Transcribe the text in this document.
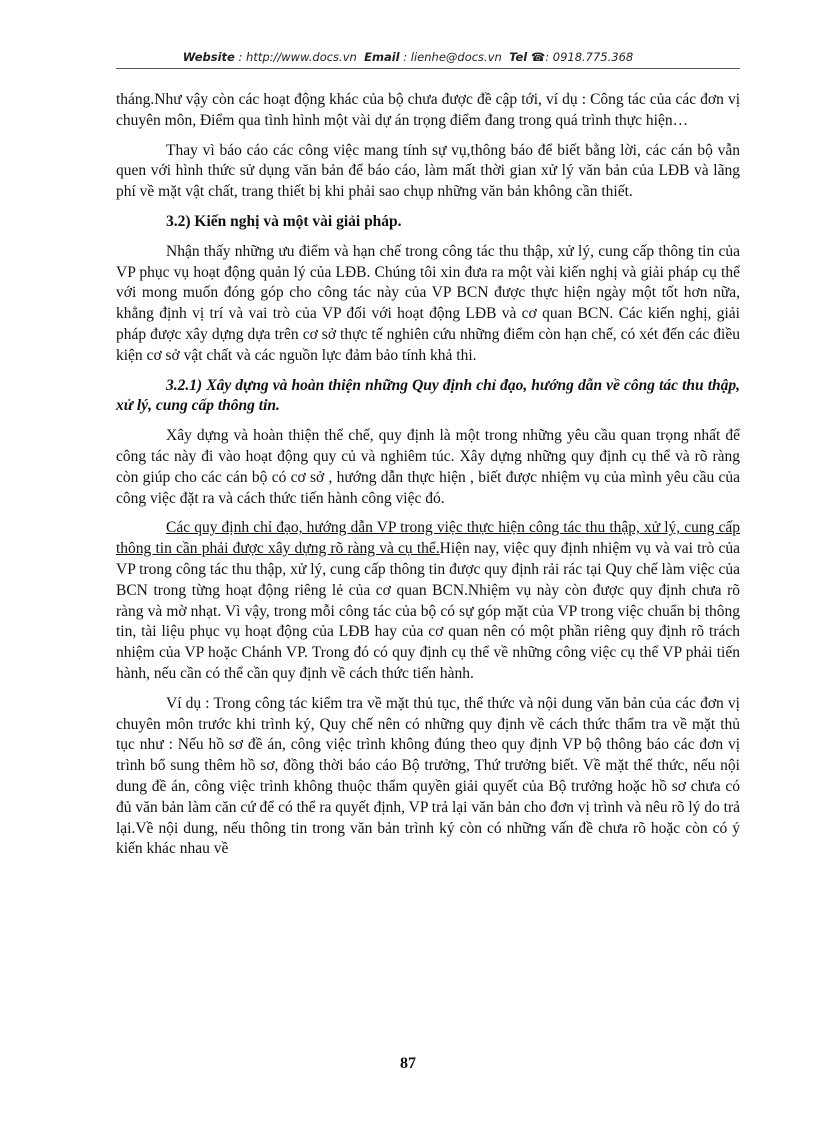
Website : http://www.docs.vn Email : lienhe@docs.vn Tel ☎: 0918.775.368

tháng.Như vậy còn các hoạt động khác của bộ chưa được đề cập tới, ví dụ : Công tác của các đơn vị chuyên môn, Điểm qua tình hình một vài dự án trọng điểm đang trong quá trình thực hiện…

Thay vì báo cáo các công việc mang tính sự vụ,thông báo để biết bằng lời, các cán bộ vẫn quen với hình thức sử dụng văn bản để báo cáo, làm mất thời gian xử lý văn bản của LĐB và lãng phí về mặt vật chất, trang thiết bị khi phải sao chụp những văn bản không cần thiết.

3.2) Kiến nghị và một vài giải pháp.

Nhận thấy những ưu điểm và hạn chế trong công tác thu thập, xử lý, cung cấp thông tin của VP phục vụ hoạt động quản lý của LĐB. Chúng tôi xin đưa ra một vài kiến nghị và giải pháp cụ thể với mong muốn đóng góp cho công tác này của VP BCN được thực hiện ngày một tốt hơn nữa, khẳng định vị trí và vai trò của VP đối với hoạt động LĐB và cơ quan BCN. Các kiến nghị, giải pháp được xây dựng dựa trên cơ sở thực tế nghiên cứu những điểm còn hạn chế, có xét đến các điều kiện cơ sở vật chất và các nguồn lực đảm bảo tính khả thi.

3.2.1) Xây dựng và hoàn thiện những Quy định chỉ đạo, hướng dẫn về công tác thu thập, xử lý, cung cấp thông tin.

Xây dựng và hoàn thiện thể chế, quy định là một trong những yêu cầu quan trọng nhất để công tác này đi vào hoạt động quy củ và nghiêm túc. Xây dựng những quy định cụ thể và rõ ràng còn giúp cho các cán bộ có cơ sở , hướng dẫn thực hiện , biết được nhiệm vụ của mình yêu cầu của công việc đặt ra và cách thức tiến hành công việc đó.

Các quy định chỉ đạo, hướng dẫn VP trong việc thực hiện công tác thu thập, xử lý, cung cấp thông tin cần phải được xây dựng rõ ràng và cụ thể.Hiện nay, việc quy định nhiệm vụ và vai trò của VP trong công tác thu thập, xử lý, cung cấp thông tin được quy định rải rác tại Quy chế làm việc của BCN trong từng hoạt động riêng lẻ của cơ quan BCN.Nhiệm vụ này còn được quy định chưa rõ ràng và mờ nhạt. Vì vậy, trong mỗi công tác của bộ có sự góp mặt của VP trong việc chuẩn bị thông tin, tài liệu phục vụ hoạt động của LĐB hay của cơ quan nên có một phần riêng quy định rõ trách nhiệm của VP hoặc Chánh VP. Trong đó có quy định cụ thể về những công việc cụ thể VP phải tiến hành, nếu cần có thể cần quy định về cách thức tiến hành.

Ví dụ : Trong công tác kiểm tra về mặt thủ tục, thể thức và nội dung văn bản của các đơn vị chuyên môn trước khi trình ký, Quy chế nên có những quy định về cách thức thẩm tra về mặt thủ tục như : Nếu hồ sơ đề án, công việc trình không đúng theo quy định VP bộ thông báo các đơn vị trình bổ sung thêm hồ sơ, đồng thời báo cáo Bộ trưởng, Thứ trưởng biết. Về mặt thể thức, nếu nội dung đề án, công việc trình không thuộc thẩm quyền giải quyết của Bộ trưởng hoặc hồ sơ chưa có đủ văn bản làm căn cứ để có thể ra quyết định, VP trả lại văn bản cho đơn vị trình và nêu rõ lý do trả lại.Về nội dung, nếu thông tin trong văn bản trình ký còn có những vấn đề chưa rõ hoặc còn có ý kiến khác nhau về

87
